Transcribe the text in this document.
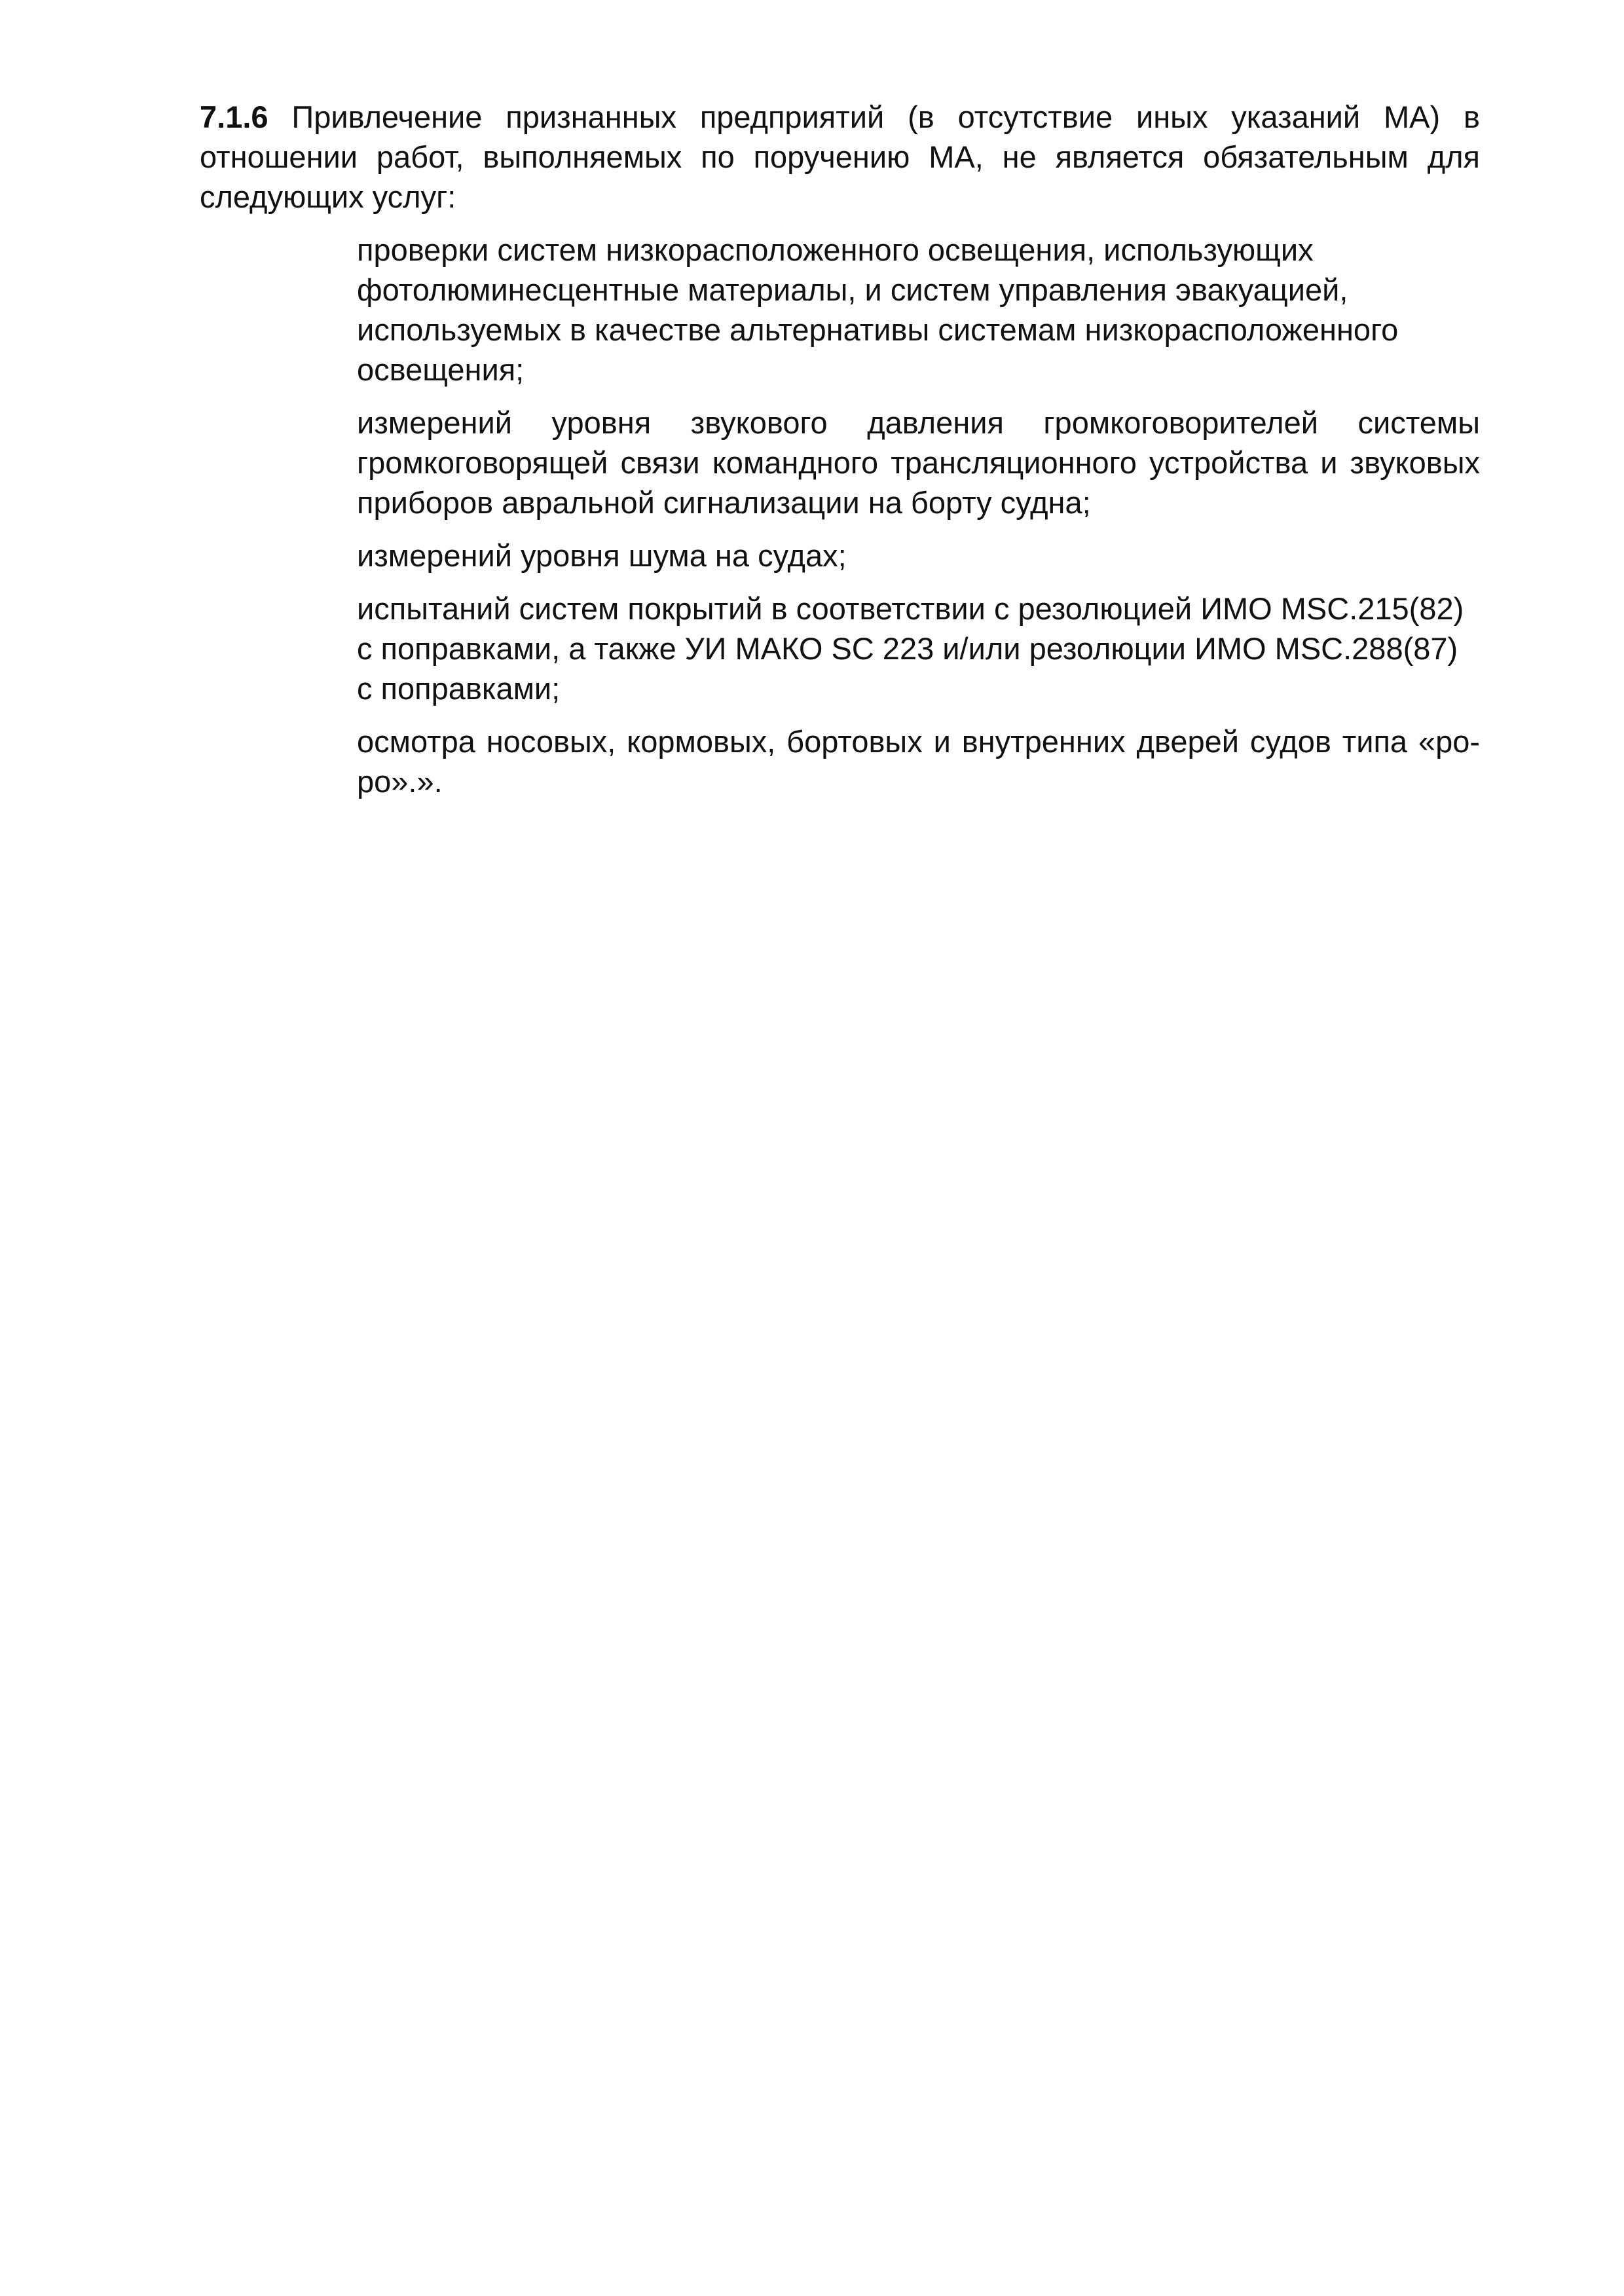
7.1.6 Привлечение признанных предприятий (в отсутствие иных указаний МА) в отношении работ, выполняемых по поручению МА, не является обязательным для следующих услуг:

проверки систем низкорасположенного освещения, использующих фотолюминесцентные материалы, и систем управления эвакуацией, используемых в качестве альтернативы системам низкорасположенного освещения;
измерений уровня звукового давления громкоговорителей системы громкоговорящей связи командного трансляционного устройства и звуковых приборов авральной сигнализации на борту судна;
измерений уровня шума на судах;
испытаний систем покрытий в соответствии с резолюцией ИМО MSC.215(82) с поправками, а также УИ МАКО SC 223 и/или резолюции ИМО MSC.288(87) с поправками;
осмотра носовых, кормовых, бортовых и внутренних дверей судов типа «ро-ро».».
